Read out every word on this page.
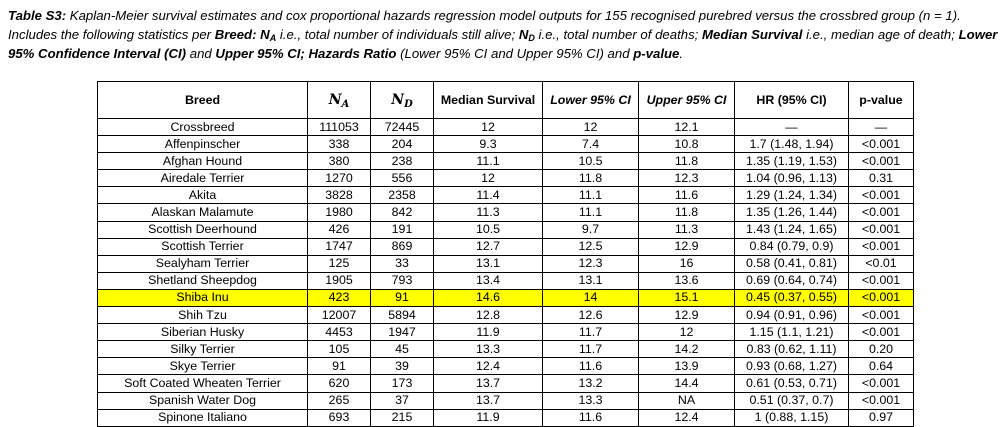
Table S3: Kaplan-Meier survival estimates and cox proportional hazards regression model outputs for 155 recognised purebred versus the crossbred group (n = 1). Includes the following statistics per Breed: $N_A$ i.e., total number of individuals still alive; $N_D$ i.e., total number of deaths; Median Survival i.e., median age of death; Lower 95% Confidence Interval (CI) and Upper 95% CI; Hazards Ratio (Lower 95% CI and Upper 95% CI) and p-value.
Breed	$N_A$	$N_D$	Median Survival	Lower 95% CI	Upper 95% CI	HR (95% CI)	p-value
Crossbreed	111053	72445	12	12	12.1	—	—
Affenpinscher	338	204	9.3	7.4	10.8	1.7 (1.48, 1.94)	<0.001
Afghan Hound	380	238	11.1	10.5	11.8	1.35 (1.19, 1.53)	<0.001
Airedale Terrier	1270	556	12	11.8	12.3	1.04 (0.96, 1.13)	0.31
Akita	3828	2358	11.4	11.1	11.6	1.29 (1.24, 1.34)	<0.001
Alaskan Malamute	1980	842	11.3	11.1	11.8	1.35 (1.26, 1.44)	<0.001
Scottish Deerhound	426	191	10.5	9.7	11.3	1.43 (1.24, 1.65)	<0.001
Scottish Terrier	1747	869	12.7	12.5	12.9	0.84 (0.79, 0.9)	<0.001
Sealyham Terrier	125	33	13.1	12.3	16	0.58 (0.41, 0.81)	<0.01
Shetland Sheepdog	1905	793	13.4	13.1	13.6	0.69 (0.64, 0.74)	<0.001
Shiba Inu	423	91	14.6	14	15.1	0.45 (0.37, 0.55)	<0.001
Shih Tzu	12007	5894	12.8	12.6	12.9	0.94 (0.91, 0.96)	<0.001
Siberian Husky	4453	1947	11.9	11.7	12	1.15 (1.1, 1.21)	<0.001
Silky Terrier	105	45	13.3	11.7	14.2	0.83 (0.62, 1.11)	0.20
Skye Terrier	91	39	12.4	11.6	13.9	0.93 (0.68, 1.27)	0.64
Soft Coated Wheaten Terrier	620	173	13.7	13.2	14.4	0.61 (0.53, 0.71)	<0.001
Spanish Water Dog	265	37	13.7	13.3	NA	0.51 (0.37, 0.7)	<0.001
Spinone Italiano	693	215	11.9	11.6	12.4	1 (0.88, 1.15)	0.97
